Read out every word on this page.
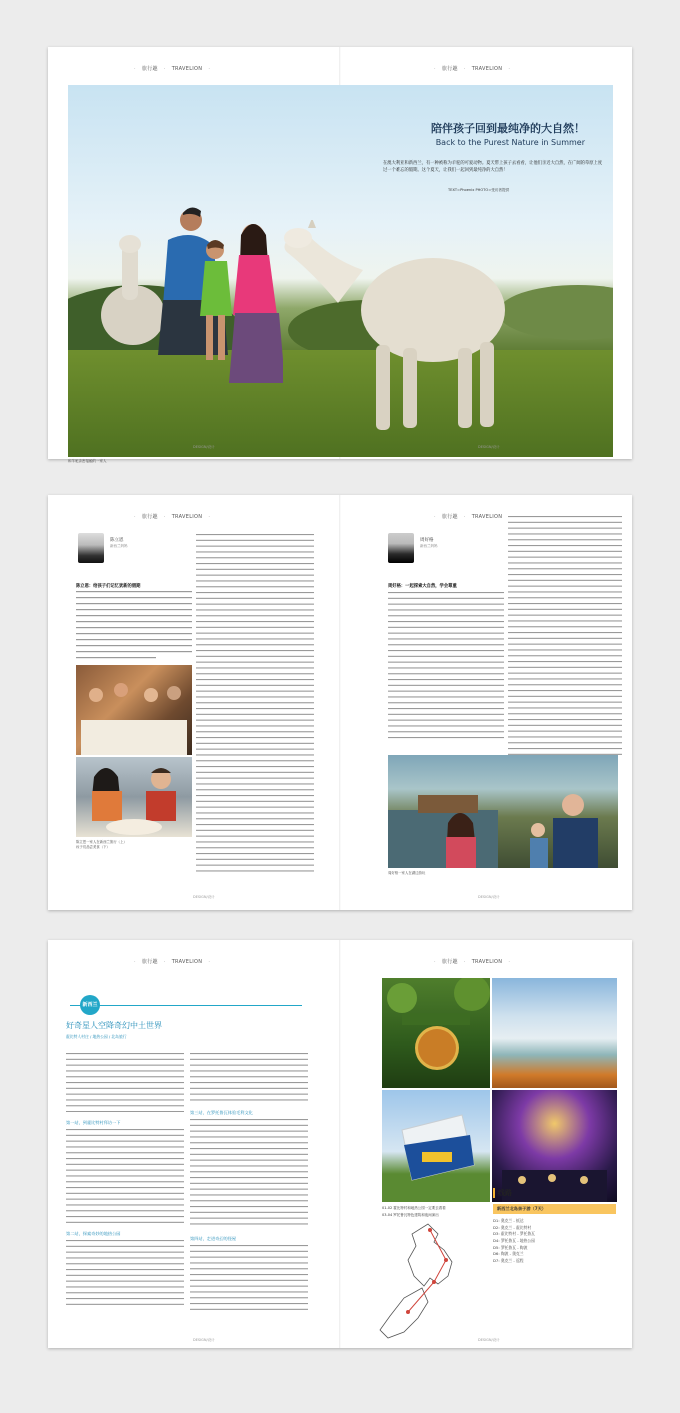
· 旅行趣 · TRAVELION ·	· 旅行趣 · TRAVELION ·
陪伴孩子回到最纯净的大自然！
Back to the Purest Nature in Summer
在澳大利亚和新西兰，有一种被称为羊驼的可爱动物。夏天带上孩子去看看，让他们亲近大自然，在广阔的草原上度过一个难忘的假期。这个夏天，让我们一起回到最纯净的大自然！
TEXT=Phoenix PHOTO=受访者提供
和羊驼亲密接触的一家人
DESIGN/设计	DESIGN/设计
· 旅行趣 · TRAVELION ·	· 旅行趣 · TRAVELION
陈立恩
新西兰妈妈
陈立恩：给孩子们记忆犹新的假期
陈立恩一家人在新西兰旅行（上）
孩子们品尝美食（下）
周好格
新西兰妈妈
周好格：一起探索大自然，学会尊重
周好格一家人在湖边游玩
DESIGN/设计	DESIGN/设计
· 旅行趣 · TRAVELION ·	· 旅行趣 · TRAVELION ·
新西兰
好奇星人空降奇幻中土世界
霍比特人村庄 / 地热公园 / 北岛旅行
第一站，到霍比特村拜访一下
第二站，探索奇妙的地热公园
第三站，在罗托鲁瓦体验毛利文化
第四站，走进奇幻的怪屋
01-02 霍比特村和地热公园一定要去看看
03-04 罗托鲁瓦特色建筑和夜间演出
线路
新西兰北岛亲子游（7天）
D1: 奥克兰 - 抵达
D2: 奥克兰 - 霍比特村
D3: 霍比特村 - 罗托鲁瓦
D4: 罗托鲁瓦 - 地热公园
D5: 罗托鲁瓦 - 陶波
D6: 陶波 - 奥克兰
D7: 奥克兰 - 返程
DESIGN/设计	DESIGN/设计
